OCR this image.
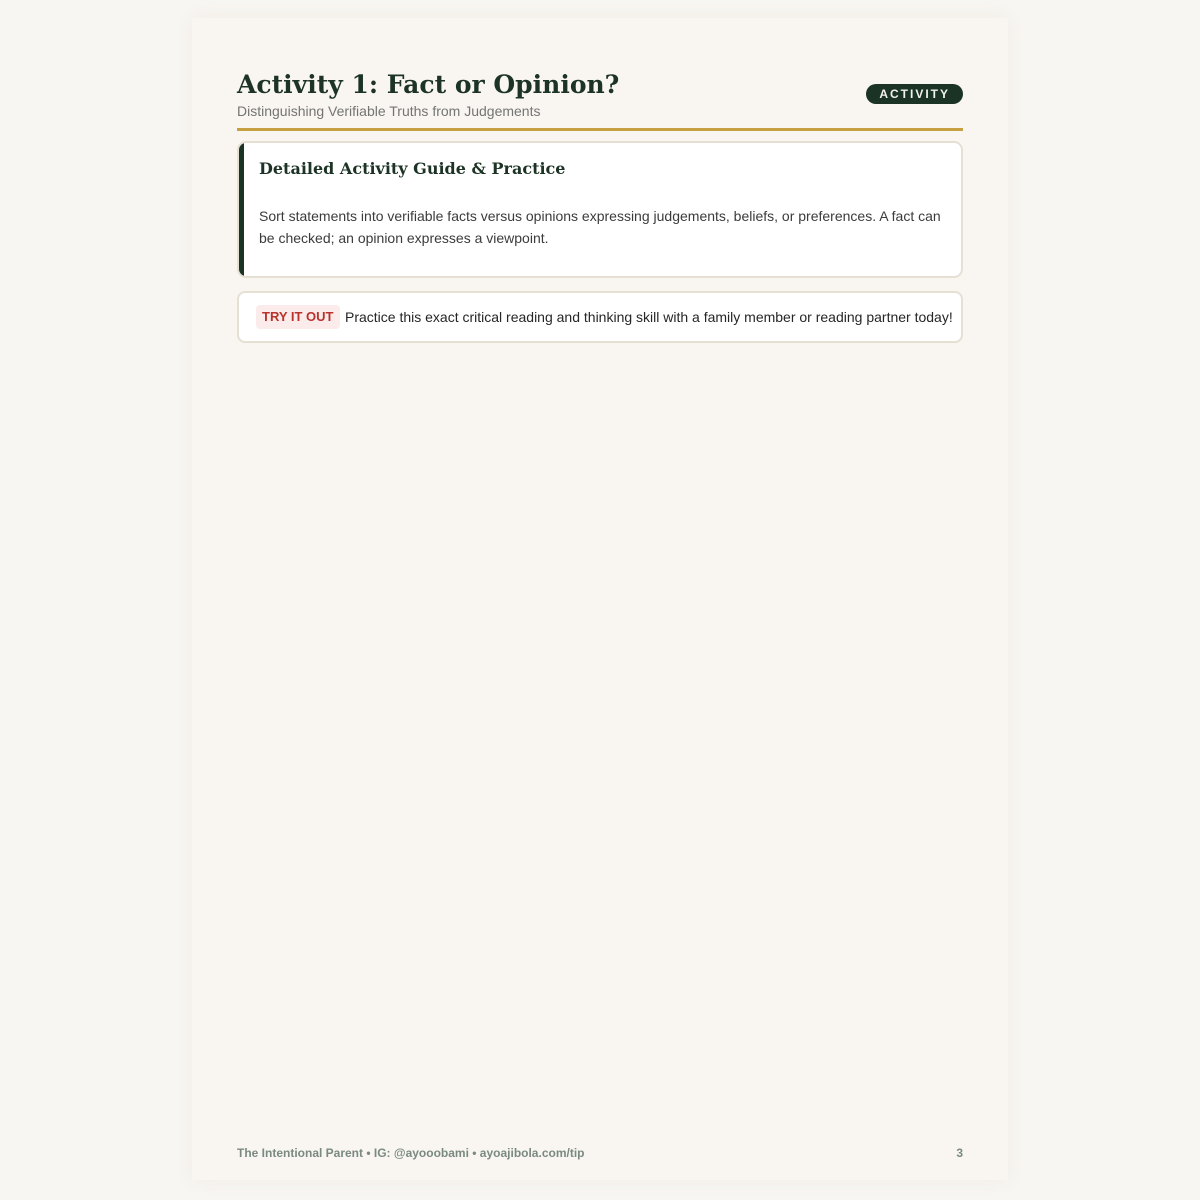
Activity 1: Fact or Opinion?
Distinguishing Verifiable Truths from Judgements
ACTIVITY
Detailed Activity Guide & Practice

Sort statements into verifiable facts versus opinions expressing judgements, beliefs, or preferences. A fact can be checked; an opinion expresses a viewpoint.

TRY IT OUT Practice this exact critical reading and thinking skill with a family member or reading partner today!
The Intentional Parent • IG: @ayooobami • ayoajibola.com/tip	3
